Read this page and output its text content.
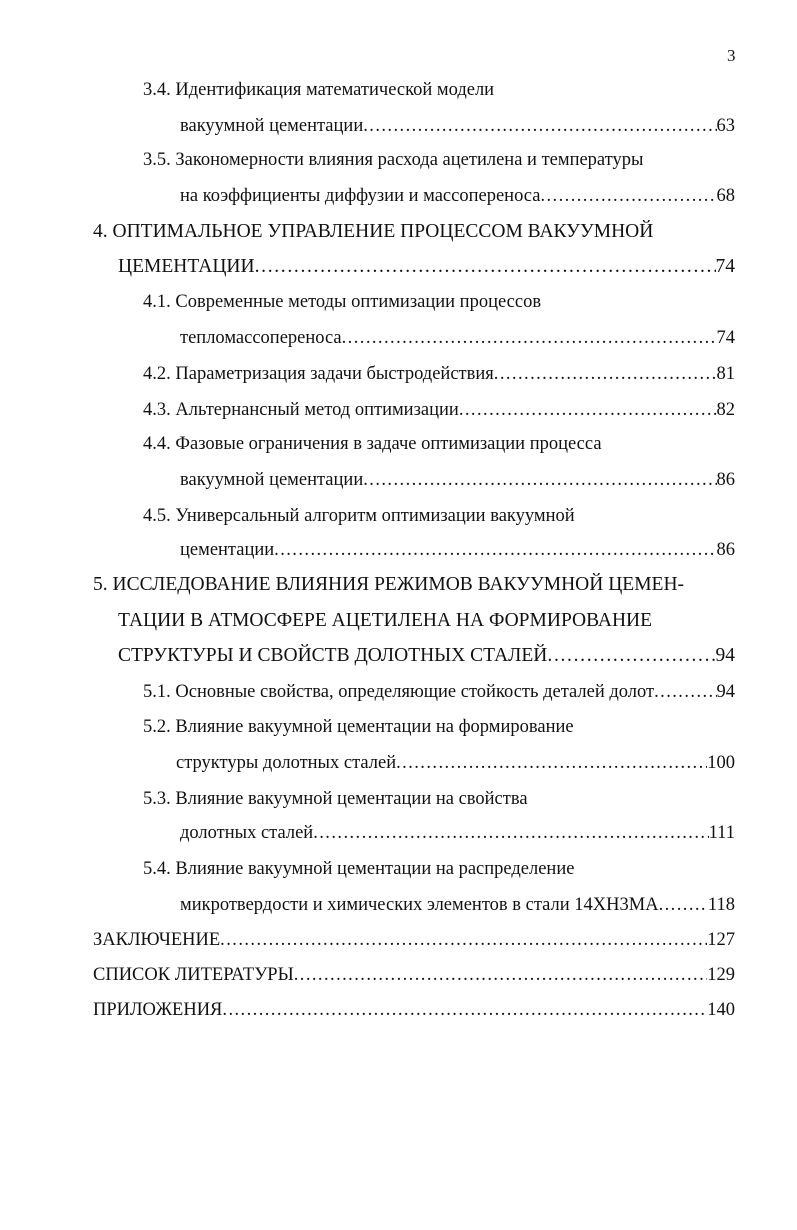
3
3.4. Идентификация математической модели
вакуумной цементации . . .	63
3.5. Закономерности влияния расхода ацетилена и температуры
на коэффициенты диффузии и массопереноса . . .	68
4. ОПТИМАЛЬНОЕ УПРАВЛЕНИЕ ПРОЦЕССОМ ВАКУУМНОЙ
ЦЕМЕНТАЦИИ . . .	74
4.1. Современные методы оптимизации процессов
тепломассопереноса . . .	74
4.2. Параметризация задачи быстродействия . . .	81
4.3. Альтернансный метод оптимизации . . .	82
4.4. Фазовые ограничения в задаче оптимизации процесса
вакуумной цементации . . .	86
4.5. Универсальный алгоритм оптимизации вакуумной
цементации . . .	86
5. ИССЛЕДОВАНИЕ ВЛИЯНИЯ РЕЖИМОВ ВАКУУМНОЙ ЦЕМЕН-
ТАЦИИ В АТМОСФЕРЕ АЦЕТИЛЕНА НА ФОРМИРОВАНИЕ
СТРУКТУРЫ И СВОЙСТВ ДОЛОТНЫХ СТАЛЕЙ . . .	94
5.1. Основные свойства, определяющие стойкость деталей долот . . .	94
5.2. Влияние вакуумной цементации на формирование
структуры долотных сталей . . .	100
5.3. Влияние вакуумной цементации на свойства
долотных сталей . . .	111
5.4. Влияние вакуумной цементации на распределение
микротвердости и химических элементов в стали 14ХН3МА . . .	118
ЗАКЛЮЧЕНИЕ . . .	127
СПИСОК ЛИТЕРАТУРЫ . . .	129
ПРИЛОЖЕНИЯ . . .	140
